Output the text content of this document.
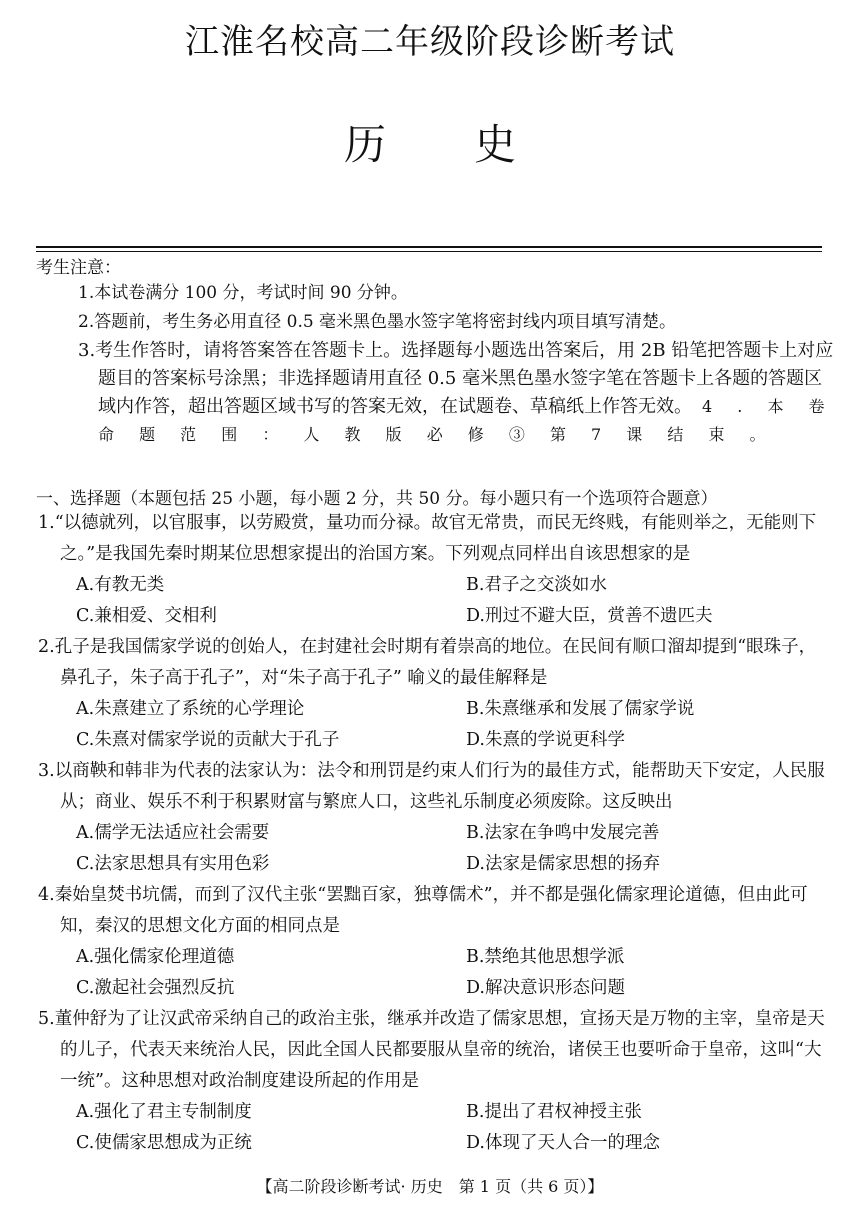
江淮名校高二年级阶段诊断考试
历 史

考生注意：

1.本试卷满分 100 分，考试时间 90 分钟。

2.答题前，考生务必用直径 0.5 毫米黑色墨水签字笔将密封线内项目填写清楚。

3.考生作答时，请将答案答在答题卡上。选择题每小题选出答案后，用 2B 铅笔把答题卡上对应题目的答案标号涂黑；非选择题请用直径 0.5 毫米黑色墨水签字笔在答题卡上各题的答题区域内作答，超出答题区域书写的答案无效，在试题卷、草稿纸上作答无效。 4 . 本 卷 命 题 范 围 ： 人 教 版 必 修 ③ 第 7 课 结 束 。

一、选择题（本题包括 25 小题，每小题 2 分，共 50 分。每小题只有一个选项符合题意）

1.“以德就列，以官服事，以劳殿赏，量功而分禄。故官无常贵，而民无终贱，有能则举之，无能则下之。”是我国先秦时期某位思想家提出的治国方案。下列观点同样出自该思想家的是

A.有教无类	B.君子之交淡如水
C.兼相爱、交相利	D.刑过不避大臣，赏善不遗匹夫

2.孔子是我国儒家学说的创始人，在封建社会时期有着崇高的地位。在民间有顺口溜却提到“眼珠子，鼻孔子，朱子高于孔子”，对“朱子高于孔子” 喻义的最佳解释是

A.朱熹建立了系统的心学理论	B.朱熹继承和发展了儒家学说
C.朱熹对儒家学说的贡献大于孔子	D.朱熹的学说更科学

3.以商鞅和韩非为代表的法家认为：法令和刑罚是约束人们行为的最佳方式，能帮助天下安定，人民服从；商业、娱乐不利于积累财富与繁庶人口，这些礼乐制度必须废除。这反映出

A.儒学无法适应社会需要	B.法家在争鸣中发展完善
C.法家思想具有实用色彩	D.法家是儒家思想的扬弃

4.秦始皇焚书坑儒，而到了汉代主张“罢黜百家，独尊儒术”，并不都是强化儒家理论道德，但由此可知，秦汉的思想文化方面的相同点是

A.强化儒家伦理道德	B.禁绝其他思想学派
C.激起社会强烈反抗	D.解决意识形态问题

5.董仲舒为了让汉武帝采纳自己的政治主张，继承并改造了儒家思想，宣扬天是万物的主宰，皇帝是天的儿子，代表天来统治人民，因此全国人民都要服从皇帝的统治，诸侯王也要听命于皇帝，这叫“大一统”。这种思想对政治制度建设所起的作用是

A.强化了君主专制制度	B.提出了君权神授主张
C.使儒家思想成为正统	D.体现了天人合一的理念
【高二阶段诊断考试· 历史　第 1 页（共 6 页）】
